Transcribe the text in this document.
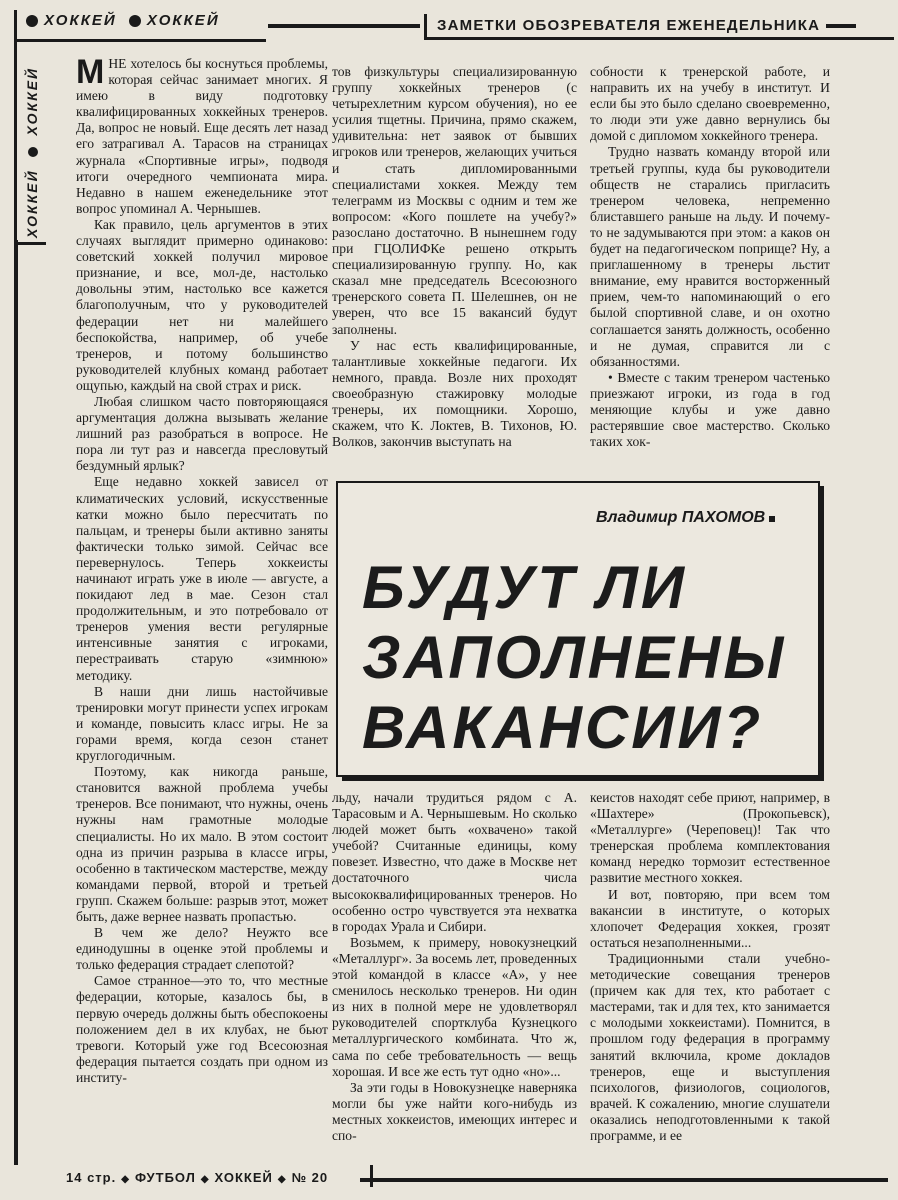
ХОККЕЙ ХОККЕЙ	ЗАМЕТКИ ОБОЗРЕВАТЕЛЯ ЕЖЕНЕДЕЛЬНИКА
ХОККЕЙ  ХОККЕЙ МНЕ хотелось бы коснуться проблемы, которая сейчас занимает многих. Я имею в виду подготовку квалифицированных хоккейных тренеров. Да, вопрос не новый. Еще десять лет назад его затрагивал А. Тарасов на страницах журнала «Спортивные игры», подводя итоги очередного чемпионата мира. Недавно в нашем еженедельнике этот вопрос упоминал А. Чернышев.

Как правило, цель аргументов в этих случаях выглядит примерно одинаково: советский хоккей получил мировое признание, и все, мол-де, настолько довольны этим, настолько все кажется благополучным, что у руководителей федерации нет ни малейшего беспокойства, например, об учебе тренеров, и потому большинство руководителей клубных команд работает ощупью, каждый на свой страх и риск.

Любая слишком часто повторяющаяся аргументация должна вызывать желание лишний раз разобраться в вопросе. Не пора ли тут раз и навсегда пресловутый бездумный ярлык?

Еще недавно хоккей зависел от климатических условий, искусственные катки можно было пересчитать по пальцам, и тренеры были активно заняты фактически только зимой. Сейчас все перевернулось. Теперь хоккеисты начинают играть уже в июле — августе, а покидают лед в мае. Сезон стал продолжительным, и это потребовало от тренеров умения вести регулярные интенсивные занятия с игроками, перестраивать старую «зимнюю» методику.

В наши дни лишь настойчивые тренировки могут принести успех игрокам и команде, повысить класс игры. Не за горами время, когда сезон станет круглогодичным.

Поэтому, как никогда раньше, становится важной проблема учебы тренеров. Все понимают, что нужны, очень нужны нам грамотные молодые специалисты. Но их мало. В этом состоит одна из причин разрыва в классе игры, особенно в тактическом мастерстве, между командами первой, второй и третьей групп. Скажем больше: разрыв этот, может быть, даже вернее назвать пропастью.

В чем же дело? Неужто все единодушны в оценке этой проблемы и только федерация страдает слепотой?

Самое странное—это то, что местные федерации, которые, казалось бы, в первую очередь должны быть обеспокоены положением дел в их клубах, не бьют тревоги. Который уже год Всесоюзная федерация пытается создать при одном из институ-

тов физкультуры специализированную группу хоккейных тренеров (с четырехлетним курсом обучения), но ее усилия тщетны. Причина, прямо скажем, удивительна: нет заявок от бывших игроков или тренеров, желающих учиться и стать дипломированными специалистами хоккея. Между тем телеграмм из Москвы с одним и тем же вопросом: «Кого пошлете на учебу?» разослано достаточно. В нынешнем году при ГЦОЛИФКе решено открыть специализированную группу. Но, как сказал мне председатель Всесоюзного тренерского совета П. Шелешнев, он не уверен, что все 15 вакансий будут заполнены.

У нас есть квалифицированные, талантливые хоккейные педагоги. Их немного, правда. Возле них проходят своеобразную стажировку молодые тренеры, их помощники. Хорошо, скажем, что К. Локтев, В. Тихонов, Ю. Волков, закончив выступать на

собности к тренерской работе, и направить их на учебу в институт. И если бы это было сделано своевременно, то люди эти уже давно вернулись бы домой с дипломом хоккейного тренера.

Трудно назвать команду второй или третьей группы, куда бы руководители обществ не старались пригласить тренером человека, непременно блиставшего раньше на льду. И почему-то не задумываются при этом: а каков он будет на педагогическом поприще? Ну, а приглашенному в тренеры льстит внимание, ему нравится восторженный прием, чем-то напоминающий о его былой спортивной славе, и он охотно соглашается занять должность, особенно и не думая, справится ли с обязанностями.

• Вместе с таким тренером частенько приезжают игроки, из года в год меняющие клубы и уже давно растерявшие свое мастерство. Сколько таких хок-

Владимир ПАХОМОВ
БУДУТ ЛИ
ЗАПОЛНЕНЫ
ВАКАНСИИ?

льду, начали трудиться рядом с А. Тарасовым и А. Чернышевым. Но сколько людей может быть «охвачено» такой учебой? Считанные единицы, кому повезет. Известно, что даже в Москве нет достаточного числа высококвалифицированных тренеров. Но особенно остро чувствуется эта нехватка в городах Урала и Сибири.

Возьмем, к примеру, новокузнецкий «Металлург». За восемь лет, проведенных этой командой в классе «А», у нее сменилось несколько тренеров. Ни один из них в полной мере не удовлетворял руководителей спортклуба Кузнецкого металлургического комбината. Что ж, сама по себе требовательность — вещь хорошая. И все же есть тут одно «но»...

За эти годы в Новокузнецке наверняка могли бы уже найти кого-нибудь из местных хоккеистов, имеющих интерес и спо-

кеистов находят себе приют, например, в «Шахтере» (Прокопьевск), «Металлурге» (Череповец)! Так что тренерская проблема комплектования команд нередко тормозит естественное развитие местного хоккея.

И вот, повторяю, при всем том вакансии в институте, о которых хлопочет Федерация хоккея, грозят остаться незаполненными...

Традиционными стали учебно-методические совещания тренеров (причем как для тех, кто работает с мастерами, так и для тех, кто занимается с молодыми хоккеистами). Помнится, в прошлом году федерация в программу занятий включила, кроме докладов тренеров, еще и выступления психологов, физиологов, социологов, врачей. К сожалению, многие слушатели оказались неподготовленными к такой программе, и ее

14 стр. ◆ ФУТБОЛ ◆ ХОККЕЙ ◆ № 20
